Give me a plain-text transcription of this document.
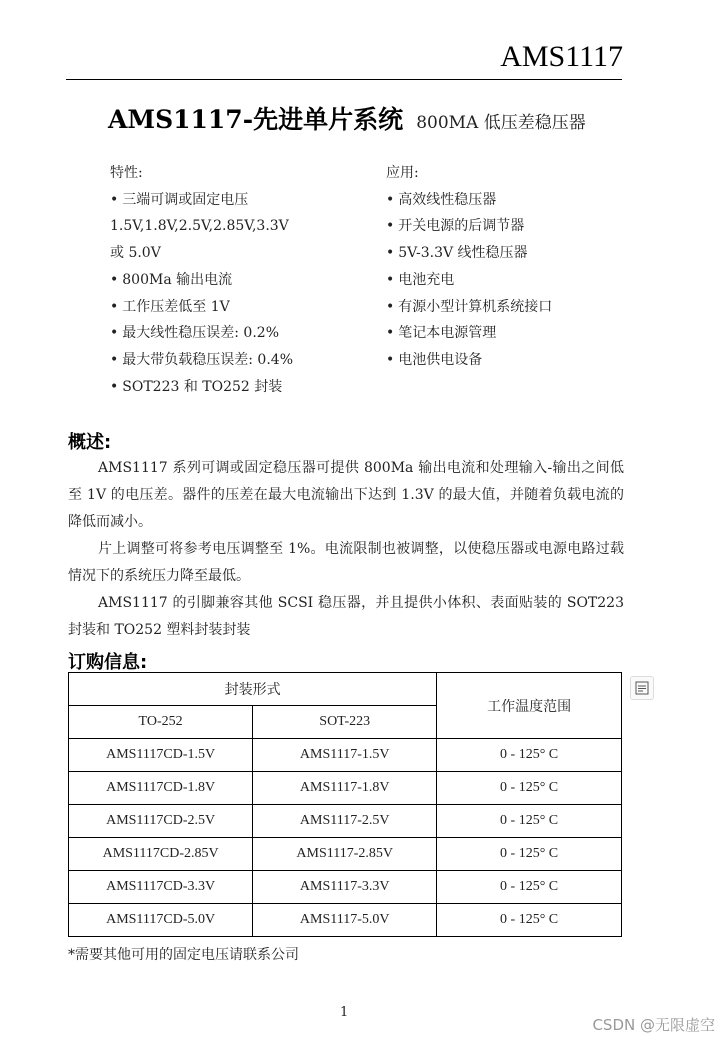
AMS1117
AMS1117-先进单片系统 800MA 低压差稳压器
特性:
• 三端可调或固定电压
1.5V,1.8V,2.5V,2.85V,3.3V
或 5.0V
• 800Ma 输出电流
• 工作压差低至 1V
• 最大线性稳压误差: 0.2%
• 最大带负载稳压误差: 0.4%
• SOT223 和 TO252 封装
应用:
• 高效线性稳压器
• 开关电源的后调节器
• 5V-3.3V 线性稳压器
• 电池充电
• 有源小型计算机系统接口
• 笔记本电源管理
• 电池供电设备
概述:

AMS1117 系列可调或固定稳压器可提供 800Ma 输出电流和处理输入-输出之间低至 1V 的电压差。器件的压差在最大电流输出下达到 1.3V 的最大值，并随着负载电流的降低而减小。

片上调整可将参考电压调整至 1%。电流限制也被调整，以使稳压器或电源电路过载情况下的系统压力降至最低。

AMS1117 的引脚兼容其他 SCSI 稳压器，并且提供小体积、表面贴装的 SOT223 封装和 TO252 塑料封装封装

订购信息:
封装形式		工作温度范围
TO-252	SOT-223	
AMS1117CD-1.5V	AMS1117-1.5V	0 - 125° C
AMS1117CD-1.8V	AMS1117-1.8V	0 - 125° C
AMS1117CD-2.5V	AMS1117-2.5V	0 - 125° C
AMS1117CD-2.85V	AMS1117-2.85V	0 - 125° C
AMS1117CD-3.3V	AMS1117-3.3V	0 - 125° C
AMS1117CD-5.0V	AMS1117-5.0V	0 - 125° C
*需要其他可用的固定电压请联系公司
1
CSDN @无限虚空
